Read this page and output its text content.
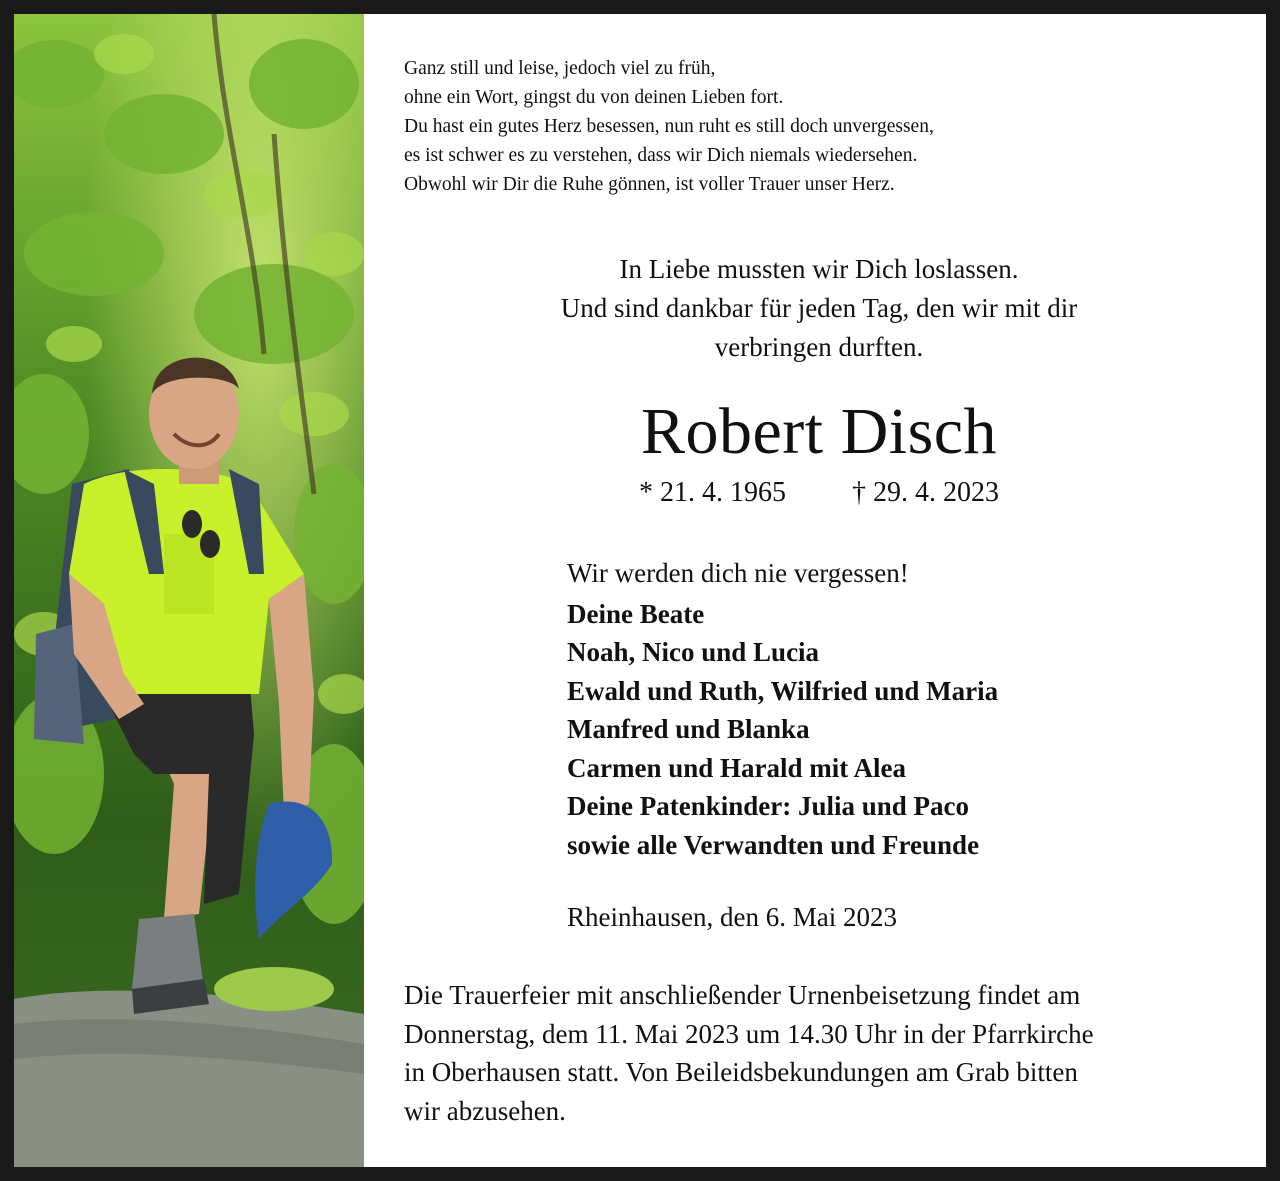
Ganz still und leise, jedoch viel zu früh,
ohne ein Wort, gingst du von deinen Lieben fort.
Du hast ein gutes Herz besessen, nun ruht es still doch unvergessen,
es ist schwer es zu verstehen, dass wir Dich niemals wiedersehen.
Obwohl wir Dir die Ruhe gönnen, ist voller Trauer unser Herz.
In Liebe mussten wir Dich loslassen.
Und sind dankbar für jeden Tag, den wir mit dir
verbringen durften.
Robert Disch
* 21. 4. 1965 † 29. 4. 2023
Wir werden dich nie vergessen!
Deine Beate
Noah, Nico und Lucia
Ewald und Ruth, Wilfried und Maria
Manfred und Blanka
Carmen und Harald mit Alea
Deine Patenkinder: Julia und Paco
sowie alle Verwandten und Freunde
Rheinhausen, den 6. Mai 2023
Die Trauerfeier mit anschließender Urnenbeisetzung findet am
Donnerstag, dem 11. Mai 2023 um 14.30 Uhr in der Pfarrkirche
in Oberhausen statt. Von Beileidsbekundungen am Grab bitten
wir abzusehen.
